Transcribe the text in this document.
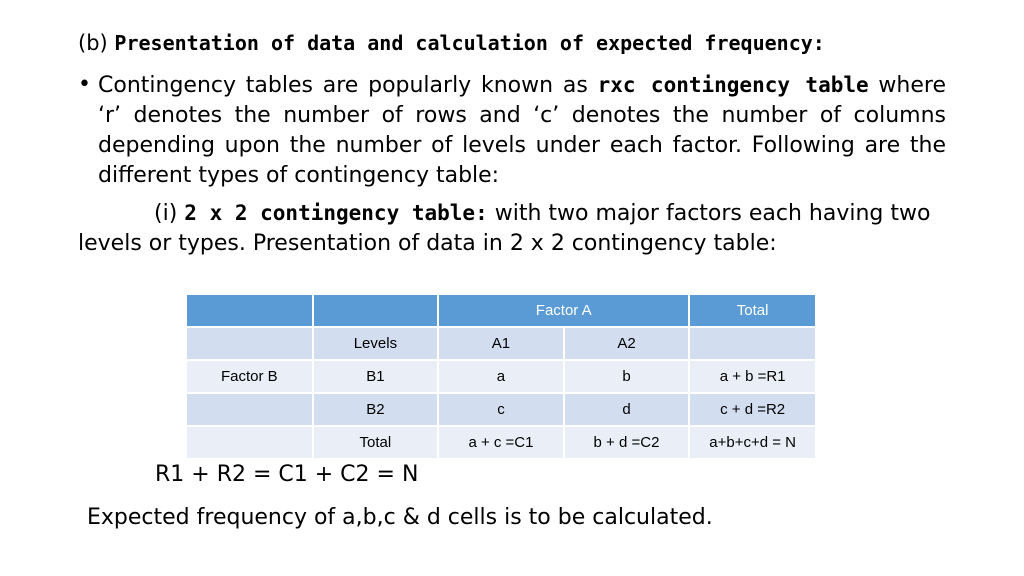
(b) Presentation of data and calculation of expected frequency:
• Contingency tables are popularly known as rxc contingency table where ‘r’ denotes the number of rows and ‘c’ denotes the number of columns depending upon the number of levels under each factor. Following are the different types of contingency table:
(i) 2 x 2 contingency table: with two major factors each having two levels or types. Presentation of data in 2 x 2 contingency table:
		Factor A		Total
	Levels	A1	A2	
Factor B	B1	a	b	a + b =R1
	B2	c	d	c + d =R2
	Total	a + c =C1	b + d =C2	a+b+c+d = N
R1 + R2 = C1 + C2 = N
Expected frequency of a,b,c & d cells is to be calculated.
